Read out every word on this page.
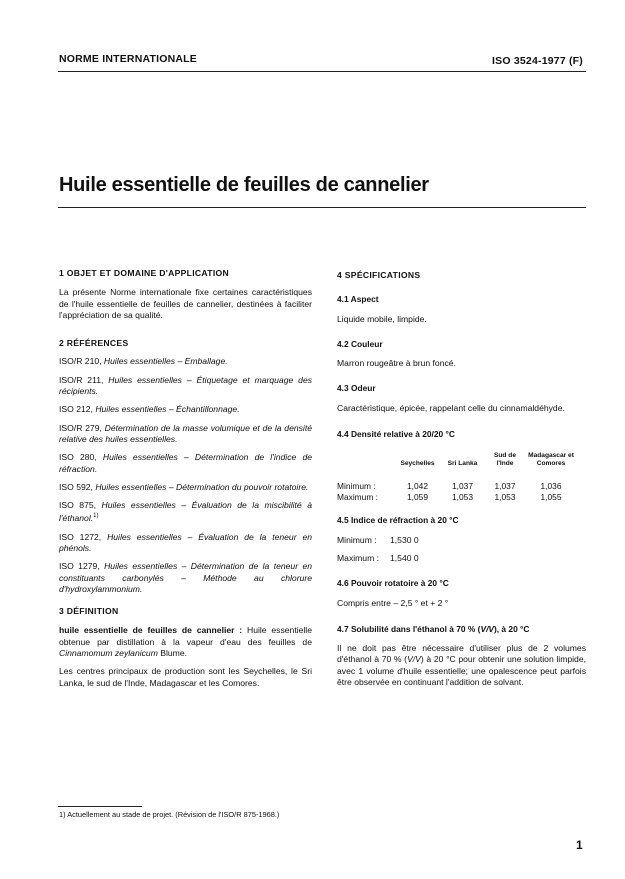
NORME INTERNATIONALE	ISO 3524-1977 (F)
Huile essentielle de feuilles de cannelier
1 OBJET ET DOMAINE D'APPLICATION

La présente Norme internationale fixe certaines caractéristiques de l'huile essentielle de feuilles de cannelier, destinées à faciliter l'appréciation de sa qualité.

2 RÉFÉRENCES

ISO/R 210, Huiles essentielles – Emballage.

ISO/R 211, Huiles essentielles – Étiquetage et marquage des récipients.

ISO 212, Huiles essentielles – Échantillonnage.

ISO/R 279, Détermination de la masse volumique et de la densité relative des huiles essentielles.

ISO 280, Huiles essentielles – Détermination de l'indice de réfraction.

ISO 592, Huiles essentielles – Détermination du pouvoir rotatoire.

ISO 875, Huiles essentielles – Évaluation de la miscibilité à l'éthanol.$^{1)}$

ISO 1272, Huiles essentielles – Évaluation de la teneur en phénols.

ISO 1279, Huiles essentielles – Détermination de la teneur en constituants carbonylés – Méthode au chlorure d'hydroxylammonium.

3 DÉFINITION

huile essentielle de feuilles de cannelier : Huile essentielle obtenue par distillation à la vapeur d'eau des feuilles de Cinnamomum zeylanicum Blume.

Les centres principaux de production sont les Seychelles, le Sri Lanka, le sud de l'Inde, Madagascar et les Comores.

4 SPÉCIFICATIONS
4.1 Aspect

Liquide mobile, limpide.

4.2 Couleur

Marron rougeâtre à brun foncé.

4.3 Odeur

Caractéristique, épicée, rappelant celle du cinnamaldéhyde.

4.4 Densité relative à 20/20 °C
	Seychelles	Sri Lanka	Sud de l'Inde	Madagascar et Comores

Minimum :	1,042	1,037	1,037	1,036
Maximum :	1,059	1,053	1,053	1,055
4.5 Indice de réfraction à 20 °C
Minimum : 1,530 0
Maximum : 1,540 0
4.6 Pouvoir rotatoire à 20 °C

Compris entre – 2,5 ° et + 2 °

4.7 Solubilité dans l'éthanol à 70 % (V/V), à 20 °C

Il ne doit pas être nécessaire d'utiliser plus de 2 volumes d'éthanol à 70 % (V/V) à 20 °C pour obtenir une solution limpide, avec 1 volume d'huile essentielle; une opalescence peut parfois être observée en continuant l'addition de solvant.

1) Actuellement au stade de projet. (Révision de l'ISO/R 875-1968.)
1
